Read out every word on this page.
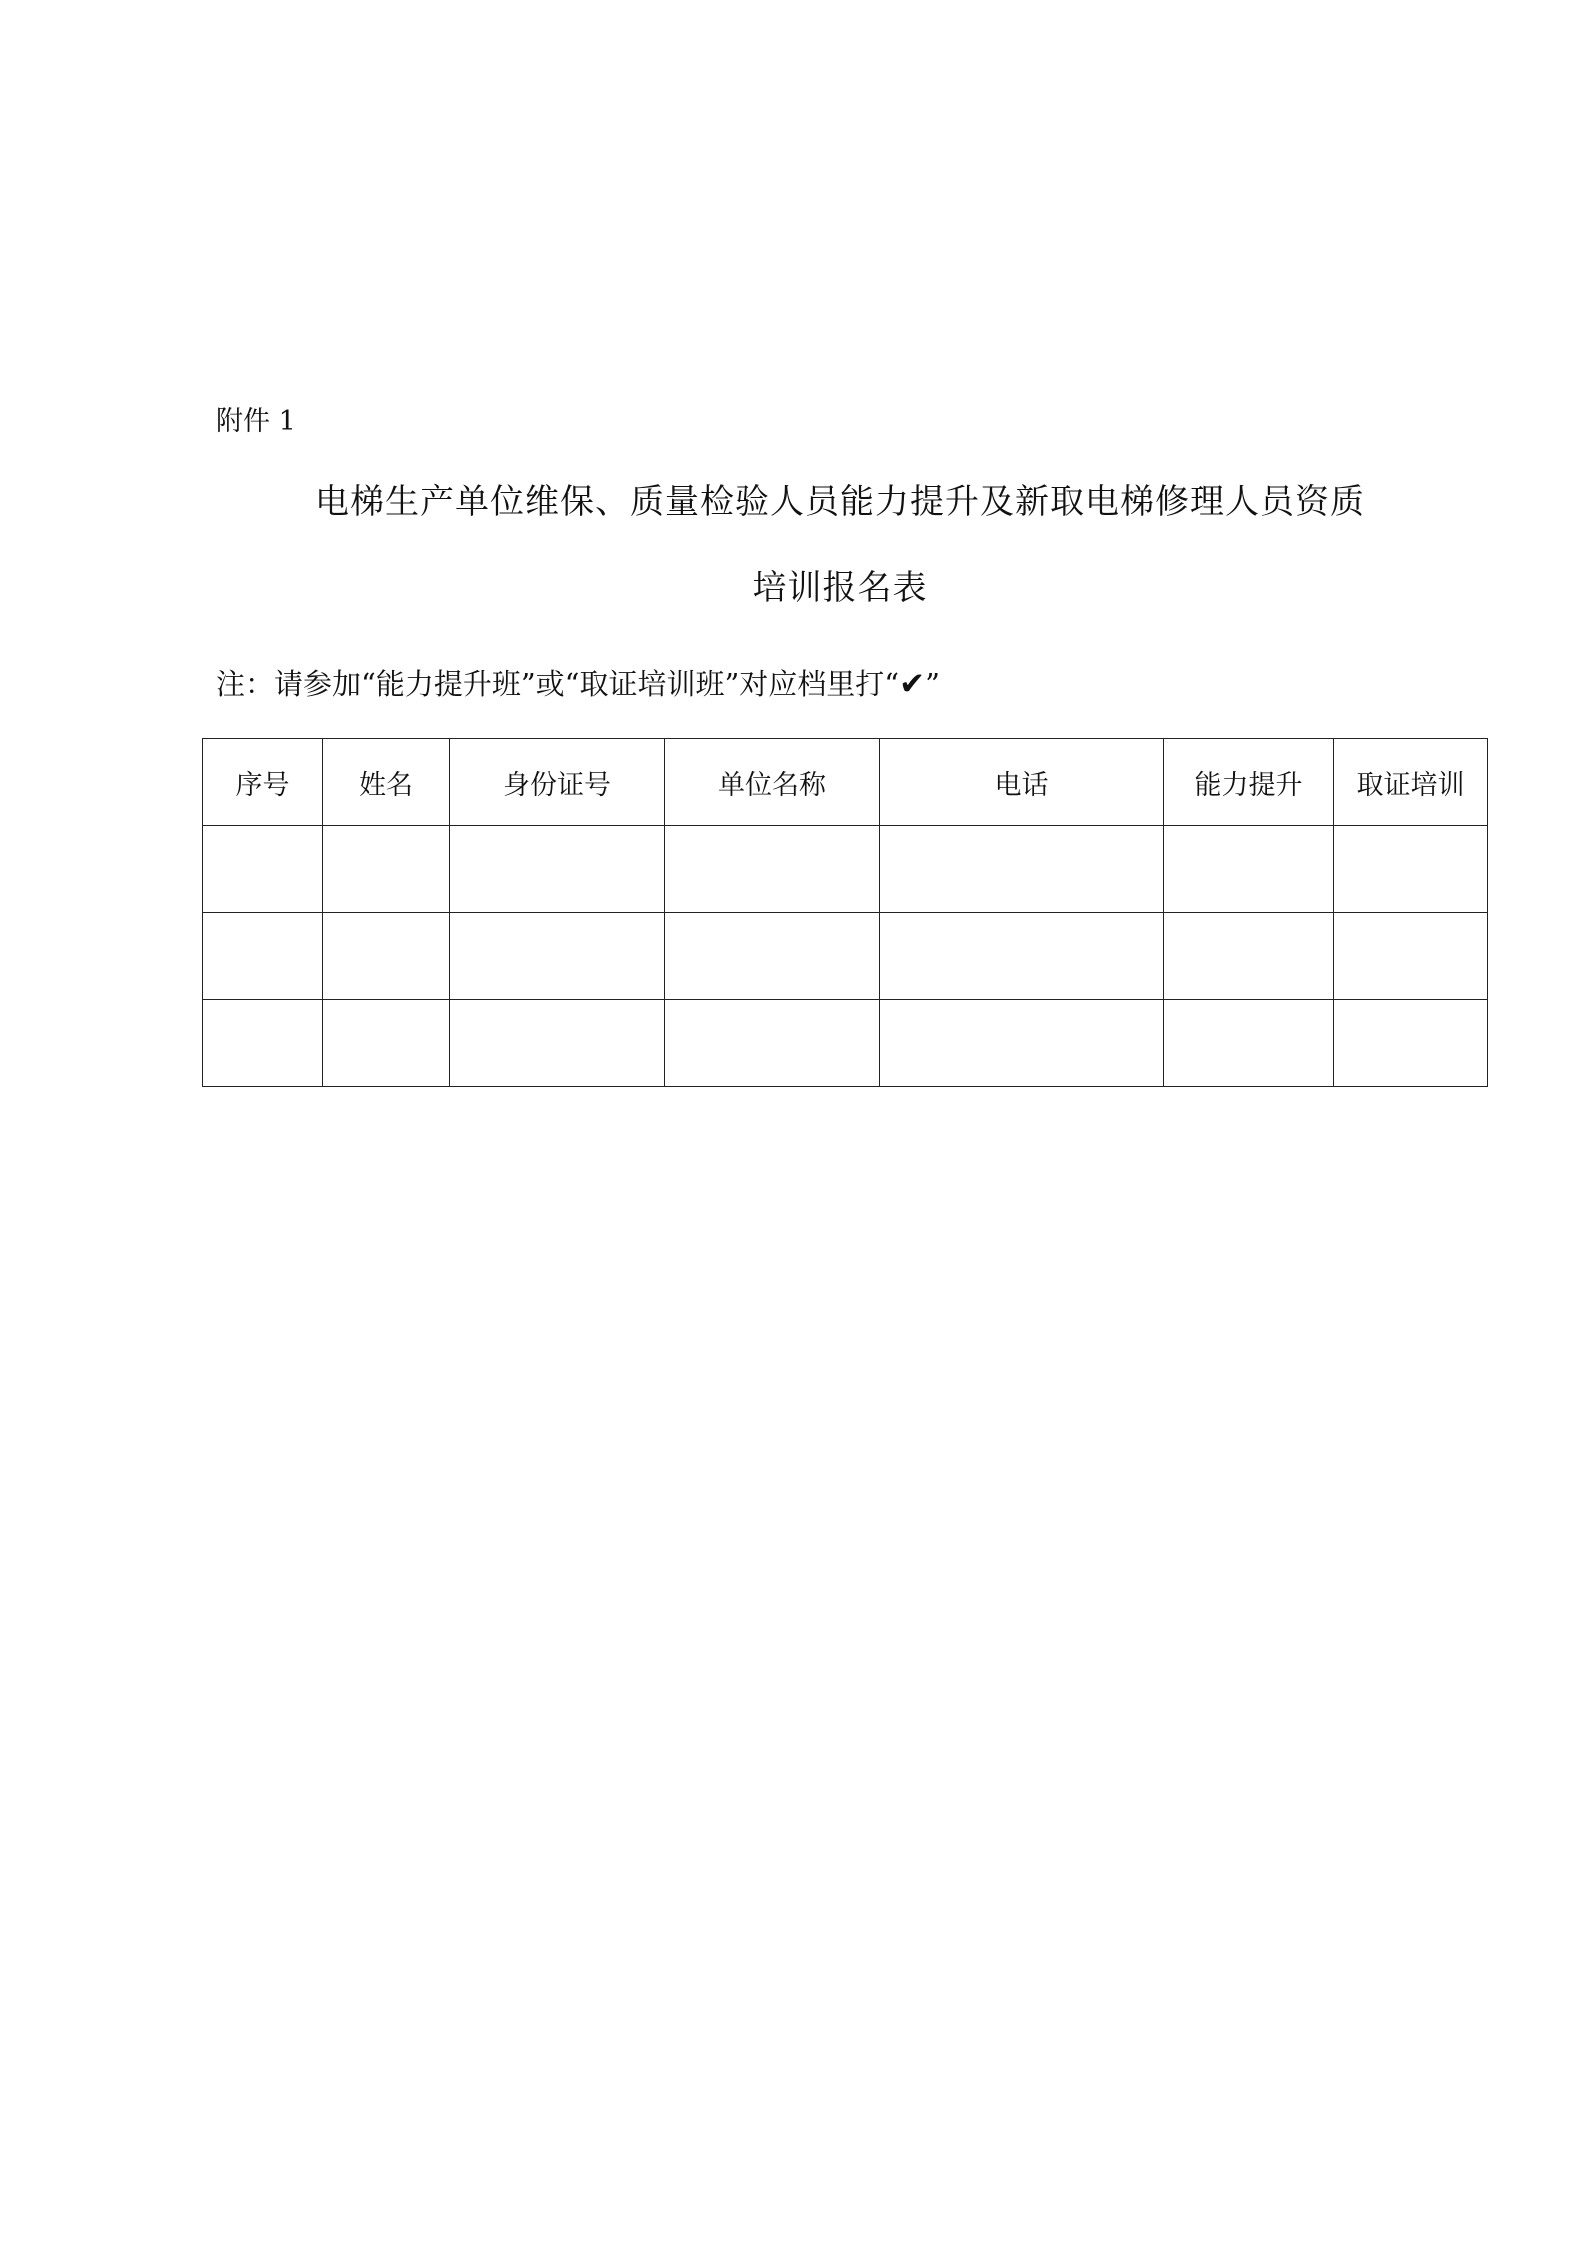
附件 1
电梯生产单位维保、质量检验人员能力提升及新取电梯修理人员资质
培训报名表
注：请参加“能力提升班”或“取证培训班”对应档里打“✔”
序号	姓名	身份证号	单位名称	电话	能力提升	取证培训
